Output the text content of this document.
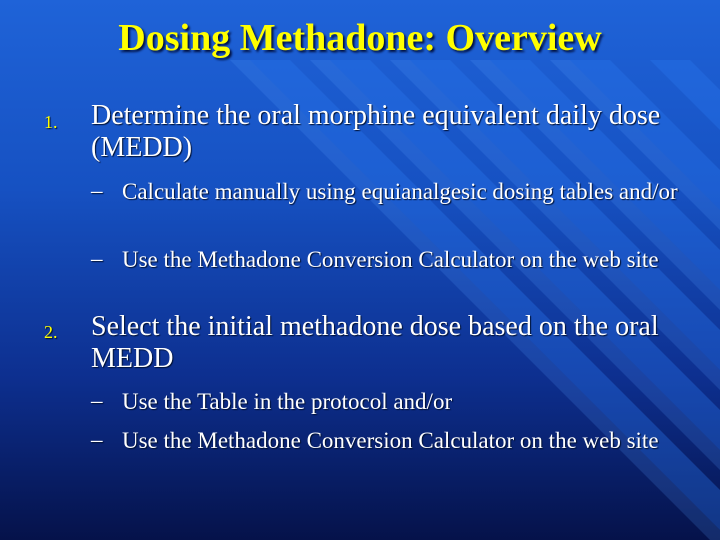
Dosing Methadone: Overview
1. Determine the oral morphine equivalent daily dose (MEDD)
– Calculate manually using equianalgesic dosing tables and/or
– Use the Methadone Conversion Calculator on the web site
2. Select the initial methadone dose based on the oral MEDD
– Use the Table in the protocol and/or
– Use the Methadone Conversion Calculator on the web site
